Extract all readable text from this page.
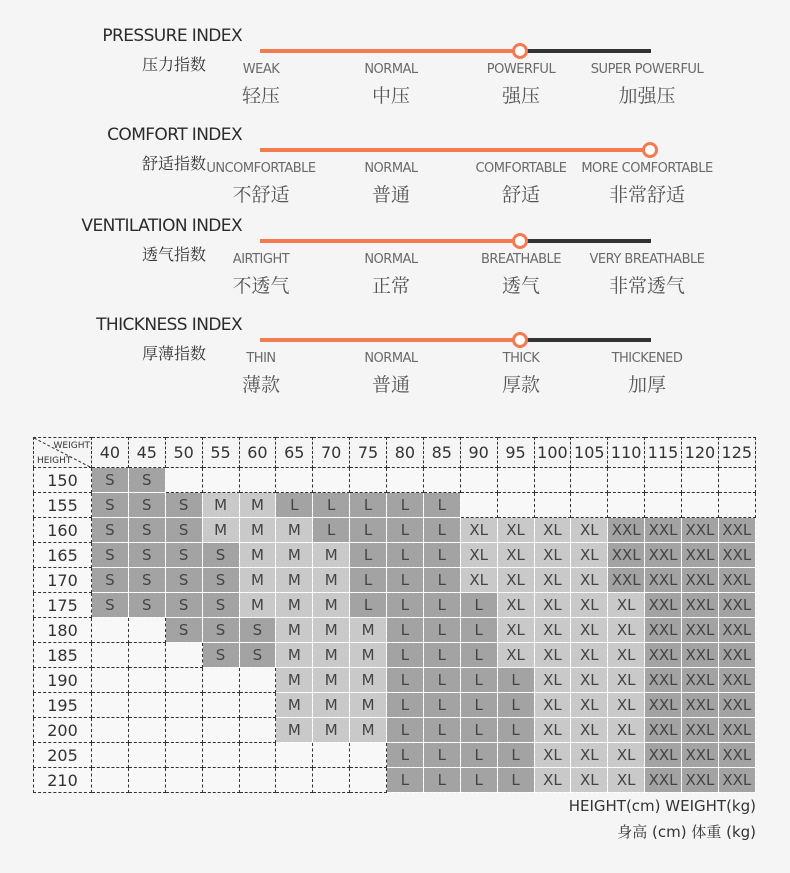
PRESSURE INDEX
压力指数	WEAK
轻压
NORMAL
中压
POWERFUL
强压
SUPER POWERFUL
加强压
COMFORT INDEX
舒适指数 UNCOMFORTABLE
不舒适
NORMAL
普通
COMFORTABLE
舒适
MORE COMFORTABLE
非常舒适
VENTILATION INDEX
透气指数	AIRTIGHT
不透气
NORMAL
正常
BREATHABLE
透气
VERY BREATHABLE
非常透气
THICKNESS INDEX
厚薄指数	THIN
薄款
NORMAL
普通
THICK
厚款
THICKENED
加厚
WEIGHT
HEIGHT	40	45	50	55	60	65	70	75	80	85	90	95	100	105	110	115	120	125
150	S	S																
155	S	S	S	M	M	L	L	L	L	L								
160	S	S	S	M	M	M	L	L	L	L	XL	XL	XL	XL	XXL	XXL	XXL	XXL
165	S	S	S	S	M	M	M	L	L	L	XL	XL	XL	XL	XXL	XXL	XXL	XXL
170	S	S	S	S	M	M	M	L	L	L	XL	XL	XL	XL	XXL	XXL	XXL	XXL
175	S	S	S	S	M	M	M	L	L	L	L	XL	XL	XL	XL	XXL	XXL	XXL
180			S	S	S	M	M	M	L	L	L	XL	XL	XL	XL	XXL	XXL	XXL
185				S	S	M	M	M	L	L	L	XL	XL	XL	XL	XXL	XXL	XXL
190						M	M	M	L	L	L	L	XL	XL	XL	XXL	XXL	XXL
195						M	M	M	L	L	L	L	XL	XL	XL	XXL	XXL	XXL
200						M	M	M	L	L	L	L	XL	XL	XL	XXL	XXL	XXL
205									L	L	L	L	XL	XL	XL	XXL	XXL	XXL
210									L	L	L	L	XL	XL	XL	XXL	XXL	XXL
HEIGHT(cm) WEIGHT(kg)
身高 (cm) 体重 (kg)
